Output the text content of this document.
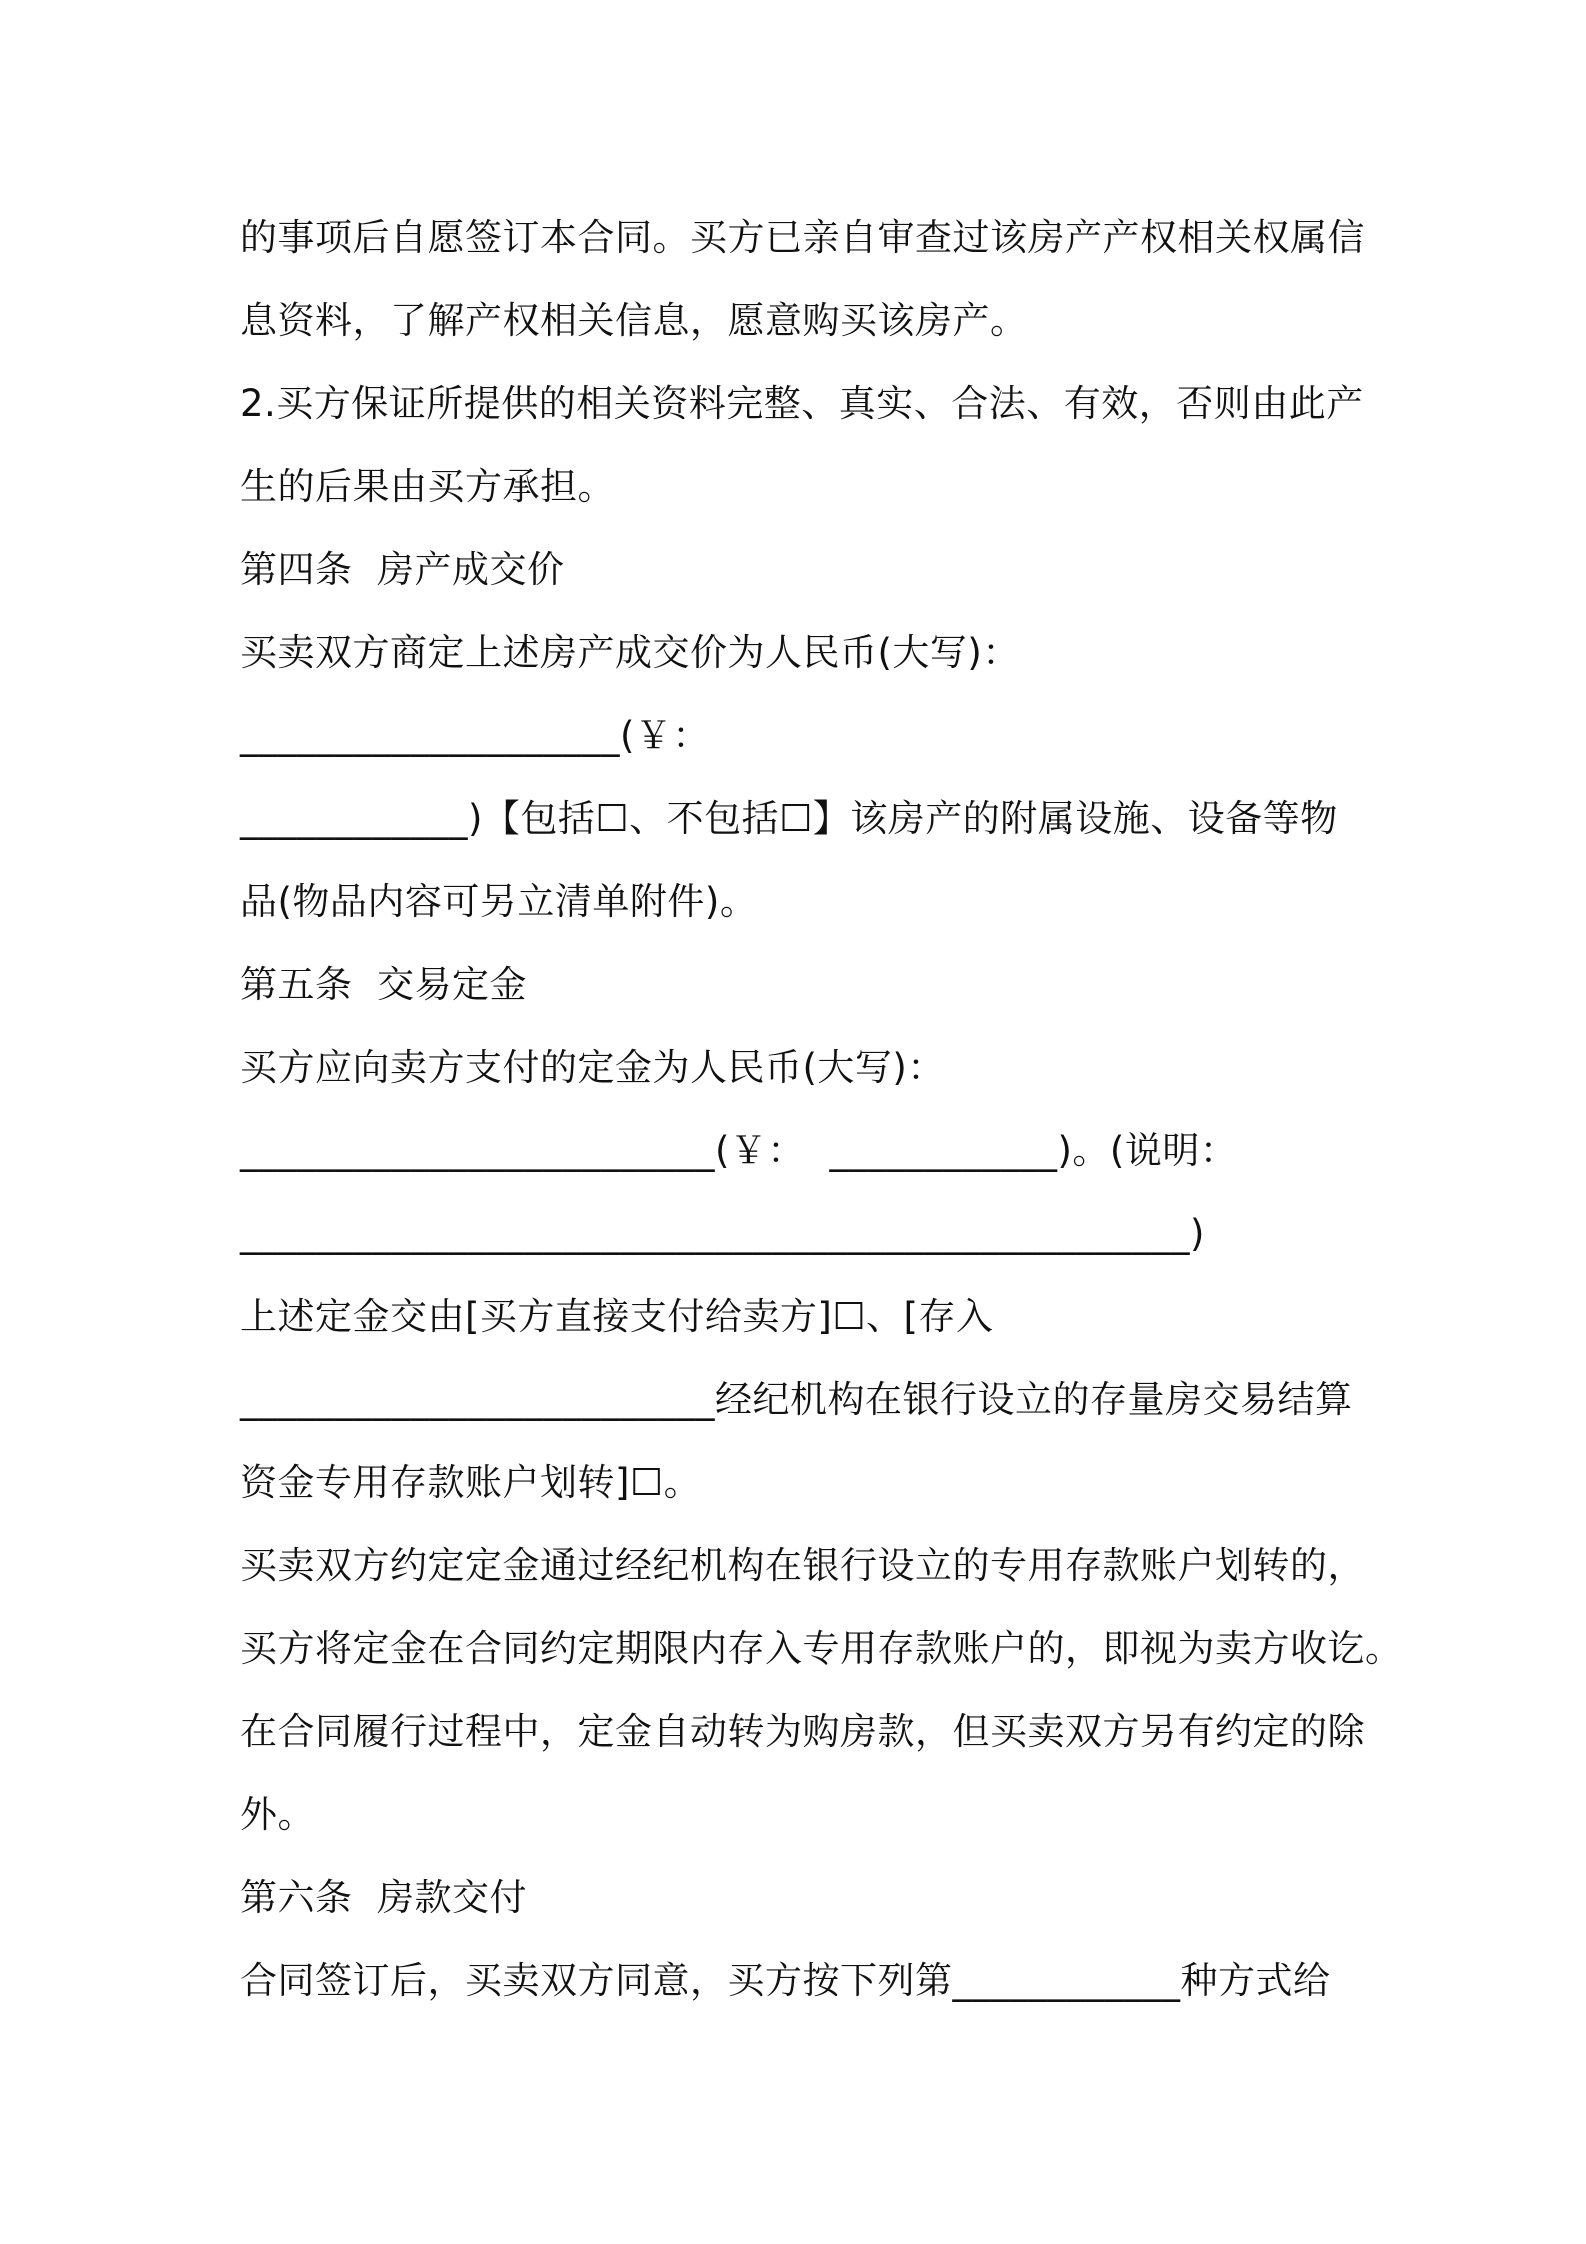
的事项后自愿签订本合同。买方已亲自审查过该房产产权相关权属信
息资料，了解产权相关信息，愿意购买该房产。
2.买方保证所提供的相关资料完整、真实、合法、有效，否则由此产
生的后果由买方承担。
第四条  房产成交价
买卖双方商定上述房产成交价为人民币(大写)：
____________________(￥：
____________)【包括☐、不包括☐】该房产的附属设施、设备等物
品(物品内容可另立清单附件)。
第五条  交易定金
买方应向卖方支付的定金为人民币(大写)：
_________________________(￥：  ____________)。(说明：
__________________________________________________)
上述定金交由[买方直接支付给卖方]☐、[存入
_________________________经纪机构在银行设立的存量房交易结算
资金专用存款账户划转]☐。
买卖双方约定定金通过经纪机构在银行设立的专用存款账户划转的，
买方将定金在合同约定期限内存入专用存款账户的，即视为卖方收讫。
在合同履行过程中，定金自动转为购房款，但买卖双方另有约定的除
外。
第六条  房款交付
合同签订后，买卖双方同意，买方按下列第____________种方式给
